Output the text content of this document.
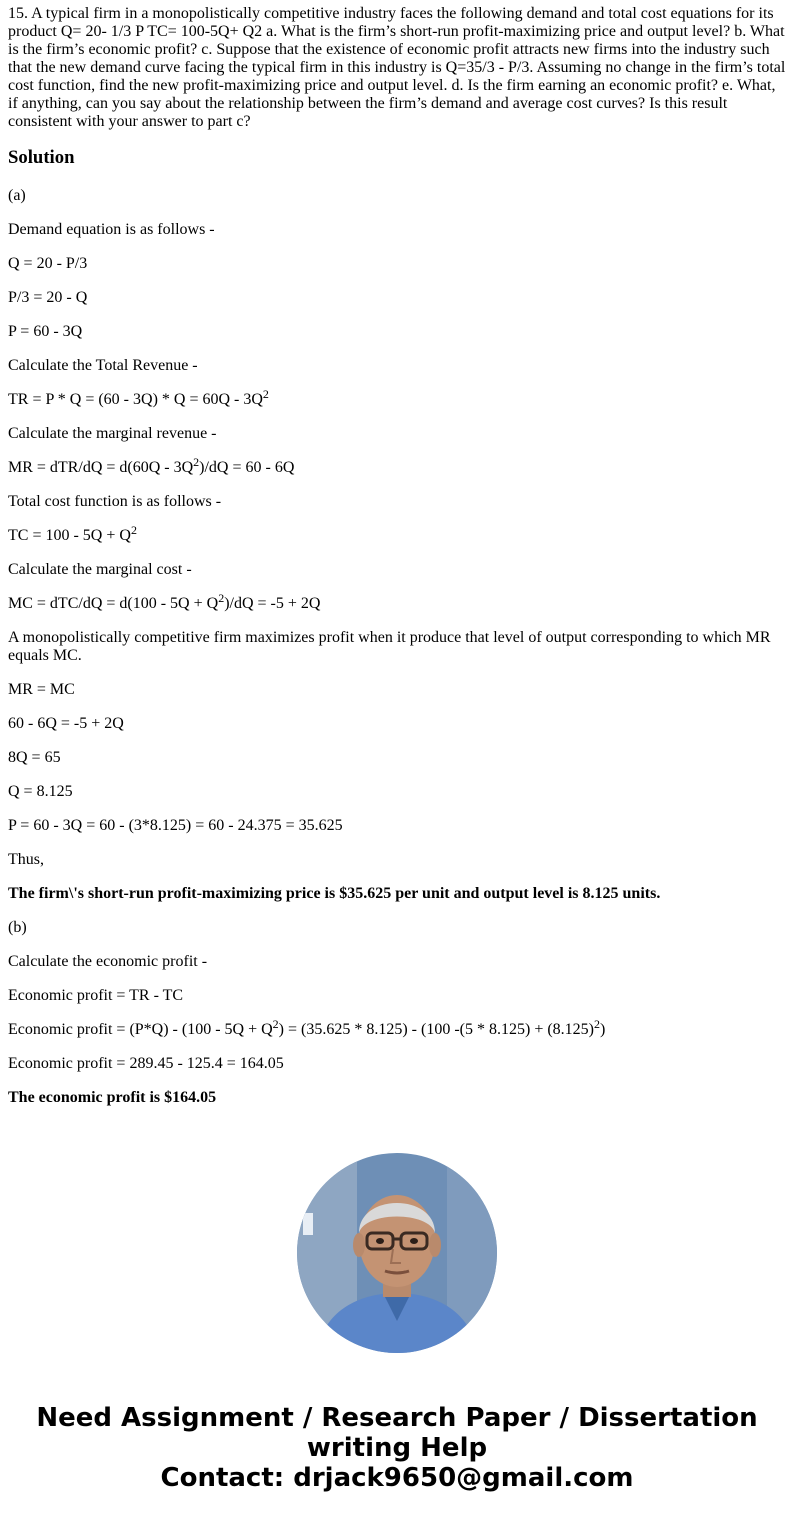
15. A typical firm in a monopolistically competitive industry faces the following demand and total cost equations for its product Q= 20- 1/3 P TC= 100-5Q+ Q2 a. What is the firm’s short-run profit-maximizing price and output level? b. What is the firm’s economic profit? c. Suppose that the existence of economic profit attracts new firms into the industry such that the new demand curve facing the typical firm in this industry is Q=35/3 - P/3. Assuming no change in the firm’s total cost function, find the new profit-maximizing price and output level. d. Is the firm earning an economic profit? e. What, if anything, can you say about the relationship between the firm’s demand and average cost curves? Is this result consistent with your answer to part c?

Solution

(a)

Demand equation is as follows -

Q = 20 - P/3

P/3 = 20 - Q

P = 60 - 3Q

Calculate the Total Revenue -

TR = $P * Q = (60 - 3Q) * Q = 60Q - 3Q^2$

Calculate the marginal revenue -

MR = $dTR/dQ = d(60Q - 3Q^2)/dQ = 60 - 6Q$

Total cost function is as follows -

TC = $100 - 5Q + Q^2$

Calculate the marginal cost -

MC = $dTC/dQ = d(100 - 5Q + Q^2)/dQ = -5 + 2Q$

A monopolistically competitive firm maximizes profit when it produce that level of output corresponding to which MR equals MC.

MR = MC

60 - 6Q = -5 + 2Q

8Q = 65

Q = 8.125

P = 60 - 3Q = 60 - (3*8.125) = 60 - 24.375 = 35.625

Thus,

The firm\'s short-run profit-maximizing price is $35.625 per unit and output level is 8.125 units.

(b)

Calculate the economic profit -

Economic profit = TR - TC

Economic profit = $(P*Q) - (100 - 5Q + Q^2) = (35.625 * 8.125) - (100$ $-(5 * 8.125) + (8.125)^2$)

Economic profit = 289.45 - 125.4 = 164.05

The economic profit is $164.05

Need Assignment / Research Paper / Dissertation
writing Help
Contact: drjack9650@gmail.com
